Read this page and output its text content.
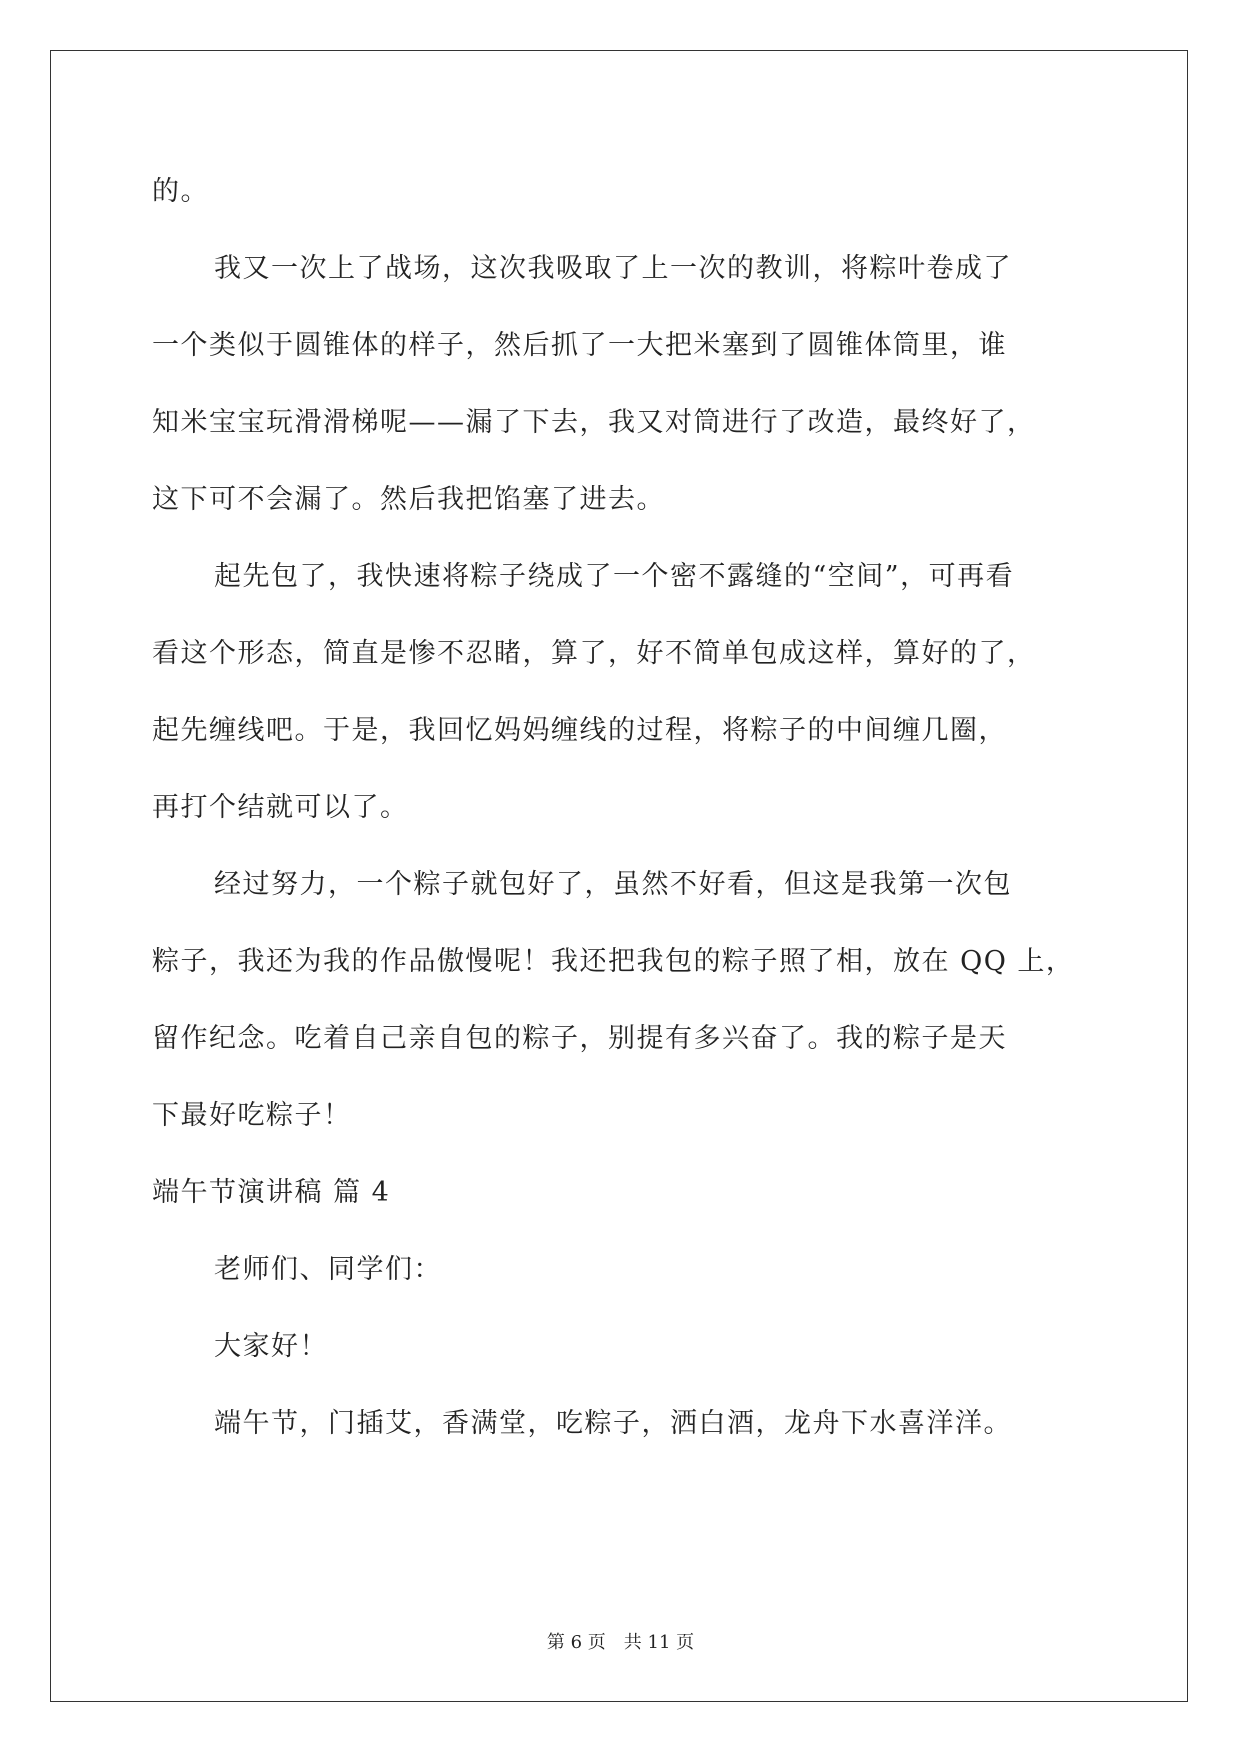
的。
我又一次上了战场，这次我吸取了上一次的教训，将粽叶卷成了
一个类似于圆锥体的样子，然后抓了一大把米塞到了圆锥体筒里，谁
知米宝宝玩滑滑梯呢——漏了下去，我又对筒进行了改造，最终好了，
这下可不会漏了。然后我把馅塞了进去。
起先包了，我快速将粽子绕成了一个密不露缝的“空间”，可再看
看这个形态，简直是惨不忍睹，算了，好不简单包成这样，算好的了，
起先缠线吧。于是，我回忆妈妈缠线的过程，将粽子的中间缠几圈，
再打个结就可以了。
经过努力，一个粽子就包好了，虽然不好看，但这是我第一次包
粽子，我还为我的作品傲慢呢！我还把我包的粽子照了相，放在 QQ 上，
留作纪念。吃着自己亲自包的粽子，别提有多兴奋了。我的粽子是天
下最好吃粽子！
端午节演讲稿 篇 4
老师们、同学们：
大家好！
端午节，门插艾，香满堂，吃粽子，洒白酒，龙舟下水喜洋洋。
第 6 页　共 11 页
